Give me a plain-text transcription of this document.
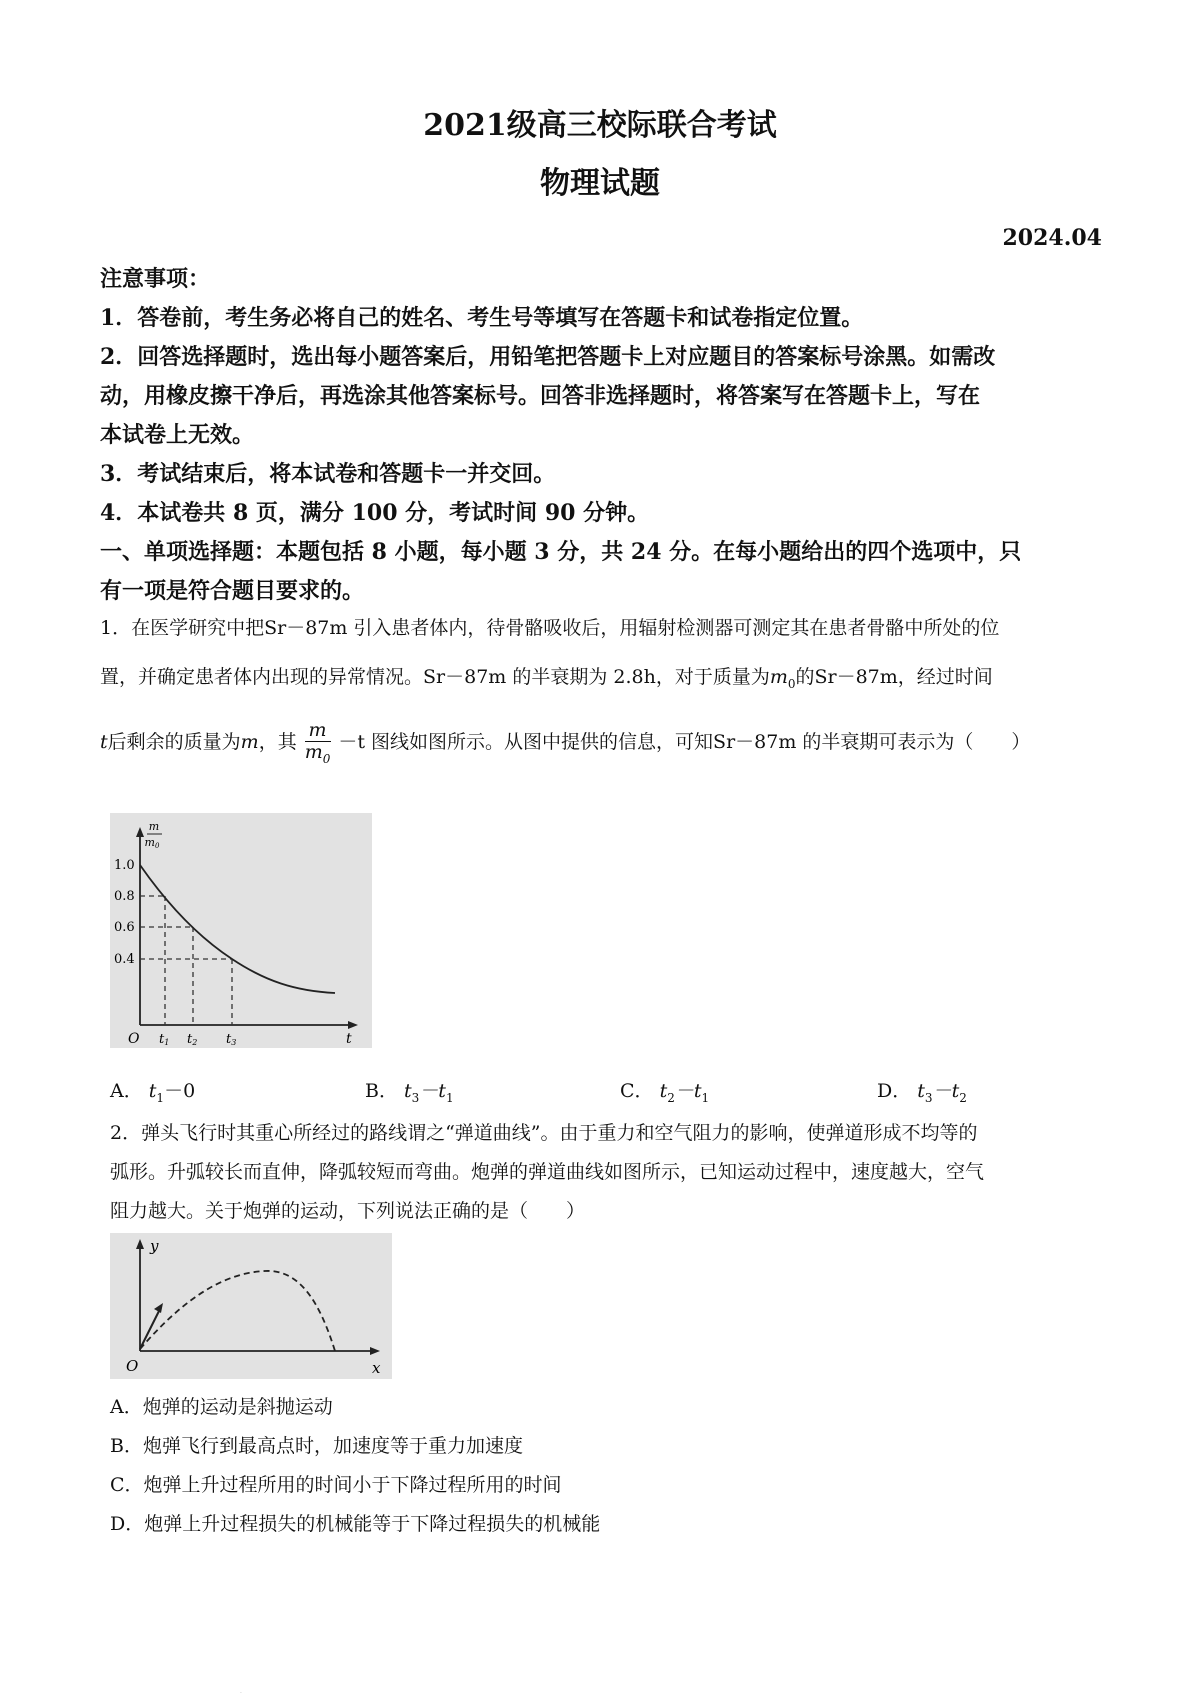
2021级高三校际联合考试
物理试题
2024.04
注意事项：
1．答卷前，考生务必将自己的姓名、考生号等填写在答题卡和试卷指定位置。
2．回答选择题时，选出每小题答案后，用铅笔把答题卡上对应题目的答案标号涂黑。如需改
动，用橡皮擦干净后，再选涂其他答案标号。回答非选择题时，将答案写在答题卡上，写在
本试卷上无效。
3．考试结束后，将本试卷和答题卡一并交回。
4．本试卷共 8 页，满分 100 分，考试时间 90 分钟。
一、单项选择题：本题包括 8 小题，每小题 3 分，共 24 分。在每小题给出的四个选项中，只
有一项是符合题目要求的。
1．在医学研究中把Sr－87m 引入患者体内，待骨骼吸收后，用辐射检测器可测定其在患者骨骼中所处的位
置，并确定患者体内出现的异常情况。Sr－87m 的半衰期为 2.8h，对于质量为$m_0$的Sr－87m，经过时间
t后剩余的质量为m，其 $\frac{m}{m_0} -t$ 图线如图所示。从图中提供的信息，可知Sr－87m 的半衰期可表示为（　　）
m
m0
1.0
0.8
0.6
0.4
O t1 t2 t3	t
A． $t_1-0$	B． $t_3-t_1$	C． $t_2-t_1$	D． $t_3-t_2$
2．弹头飞行时其重心所经过的路线谓之“弹道曲线”。由于重力和空气阻力的影响，使弹道形成不均等的
弧形。升弧较长而直伸，降弧较短而弯曲。炮弹的弹道曲线如图所示，已知运动过程中，速度越大，空气
阻力越大。关于炮弹的运动，下列说法正确的是（　　）
y
O	x
A．炮弹的运动是斜抛运动
B．炮弹飞行到最高点时，加速度等于重力加速度
C．炮弹上升过程所用的时间小于下降过程所用的时间
D．炮弹上升过程损失的机械能等于下降过程损失的机械能
·
